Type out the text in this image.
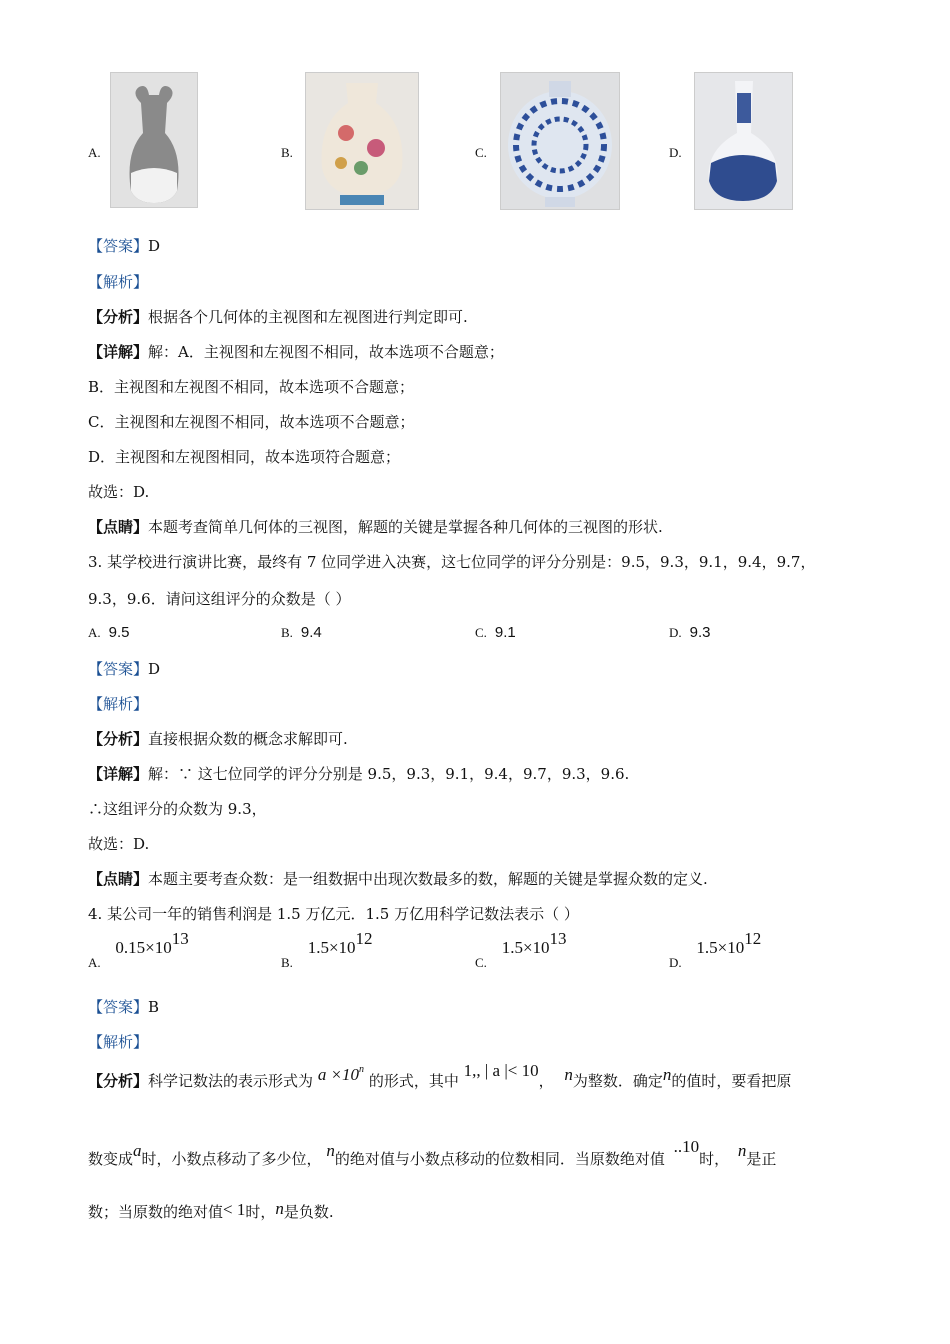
A.	B.	C.	D.
【答案】D
【解析】
【分析】根据各个几何体的主视图和左视图进行判定即可.
【详解】解：A．主视图和左视图不相同，故本选项不合题意；
B．主视图和左视图不相同，故本选项不合题意；
C．主视图和左视图不相同，故本选项不合题意；
D．主视图和左视图相同，故本选项符合题意；
故选：D.
【点睛】本题考查简单几何体的三视图，解题的关键是掌握各种几何体的三视图的形状.
3. 某学校进行演讲比赛，最终有 7 位同学进入决赛，这七位同学的评分分别是：9.5，9.3，9.1，9.4，9.7，
9.3，9.6．请问这组评分的众数是（ ）
A. 9.5	B. 9.4	C. 9.1	D. 9.3
【答案】D
【解析】
【分析】直接根据众数的概念求解即可.
【详解】解：∵ 这七位同学的评分分别是 9.5，9.3，9.1，9.4，9.7，9.3，9.6.
∴这组评分的众数为 9.3，
故选：D.
【点睛】本题主要考查众数：是一组数据中出现次数最多的数，解题的关键是掌握众数的定义.
4. 某公司一年的销售利润是 1.5 万亿元．1.5 万亿用科学记数法表示（ ）
A. 0.15×1013
B. 1.5×1012
C. 1.5×1013
D. 1.5×1012
【答案】B
【解析】
【分析】科学记数法的表示形式为 $a \times 10^n$ 的形式，其中 1,, | a |< 10， n为整数．确定n的值时，要看把原
数变成a时，小数点移动了多少位， n的绝对值与小数点移动的位数相同．当原数绝对值 ..10时， n是正
数；当原数的绝对值< 1时，n是负数.
